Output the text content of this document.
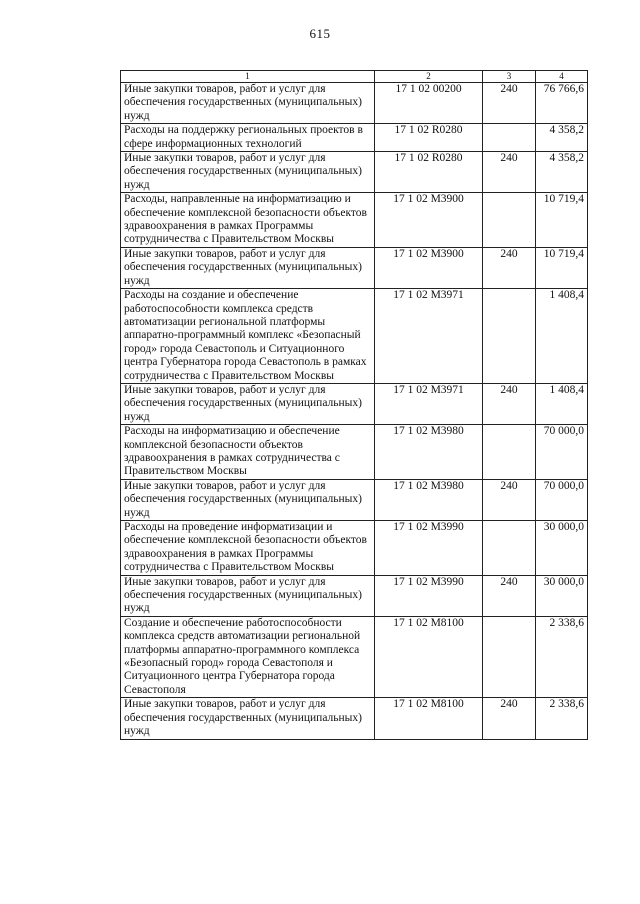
615
1	2	3	4
Иные закупки товаров, работ и услуг для обеспечения государственных (муниципальных) нужд	17 1 02 00200	240	76 766,6
Расходы на поддержку региональных проектов в сфере информационных технологий	17 1 02 R0280		4 358,2
Иные закупки товаров, работ и услуг для обеспечения государственных (муниципальных) нужд	17 1 02 R0280	240	4 358,2
Расходы, направленные на информатизацию и обеспечение комплексной безопасности объектов здравоохранения в рамках Программы сотрудничества с Правительством Москвы	17 1 02 M3900		10 719,4
Иные закупки товаров, работ и услуг для обеспечения государственных (муниципальных) нужд	17 1 02 M3900	240	10 719,4
Расходы на создание и обеспечение работоспособности комплекса средств автоматизации региональной платформы аппаратно-программный комплекс «Безопасный город» города Севастополь и Ситуационного центра Губернатора города Севастополь в рамках сотрудничества с Правительством Москвы	17 1 02 M3971		1 408,4
Иные закупки товаров, работ и услуг для обеспечения государственных (муниципальных) нужд	17 1 02 M3971	240	1 408,4
Расходы на информатизацию и обеспечение комплексной безопасности объектов здравоохранения в рамках сотрудничества с Правительством Москвы	17 1 02 M3980		70 000,0
Иные закупки товаров, работ и услуг для обеспечения государственных (муниципальных) нужд	17 1 02 M3980	240	70 000,0
Расходы на проведение информатизации и обеспечение комплексной безопасности объектов здравоохранения в рамках Программы сотрудничества с Правительством Москвы	17 1 02 M3990		30 000,0
Иные закупки товаров, работ и услуг для обеспечения государственных (муниципальных) нужд	17 1 02 M3990	240	30 000,0
Создание и обеспечение работоспособности комплекса средств автоматизации региональной платформы аппаратно-программного комплекса «Безопасный город» города Севастополя и Ситуационного центра Губернатора города Севастополя	17 1 02 M8100		2 338,6
Иные закупки товаров, работ и услуг для обеспечения государственных (муниципальных) нужд	17 1 02 M8100	240	2 338,6
